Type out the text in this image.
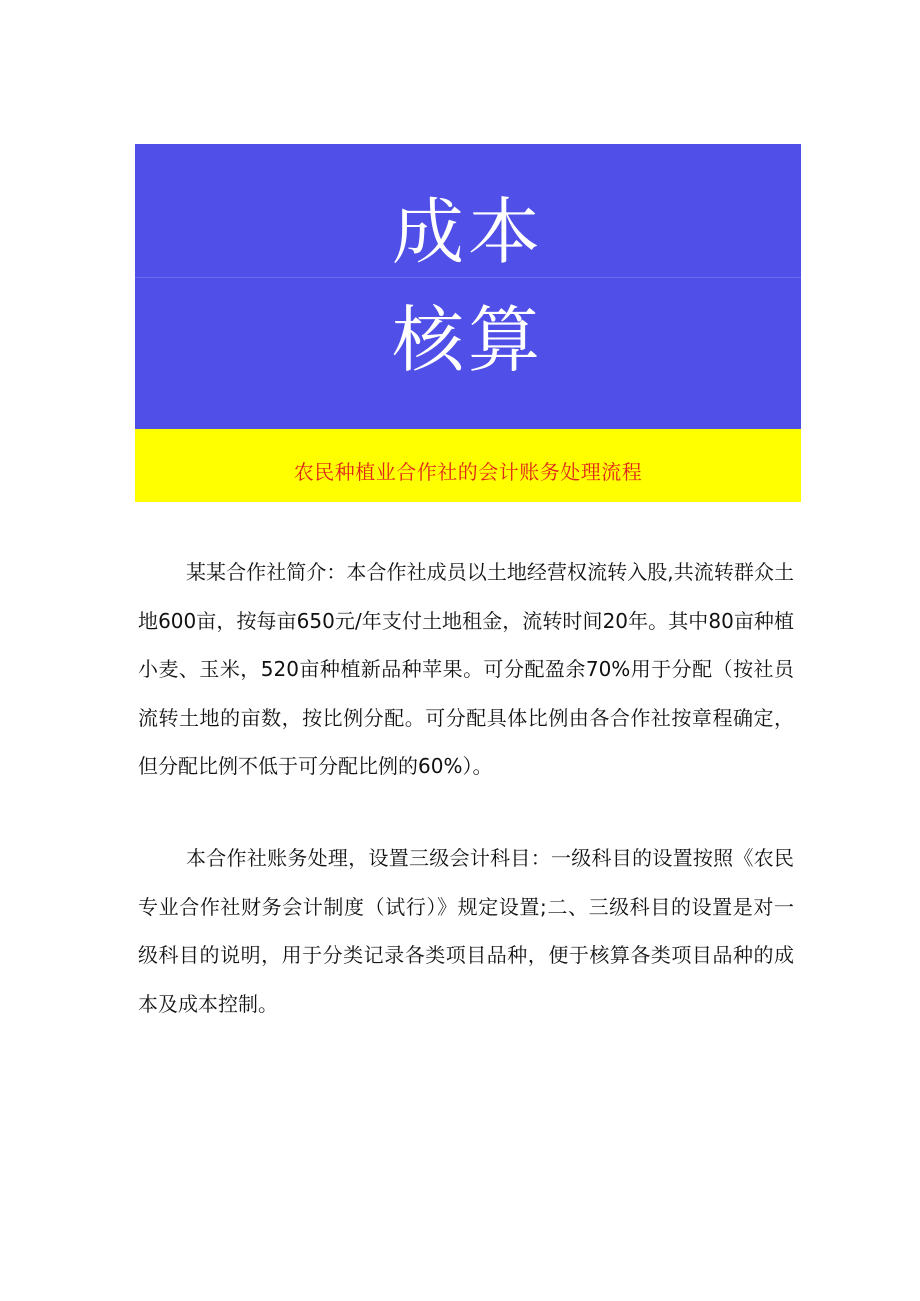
成本
核算
农民种植业合作社的会计账务处理流程

某某合作社简介：本合作社成员以土地经营权流转入股,共流转群众土地600亩，按每亩650元/年支付土地租金，流转时间20年。其中80亩种植小麦、玉米，520亩种植新品种苹果。可分配盈余70%用于分配（按社员流转土地的亩数，按比例分配。可分配具体比例由各合作社按章程确定，但分配比例不低于可分配比例的60%）。

本合作社账务处理，设置三级会计科目：一级科目的设置按照《农民专业合作社财务会计制度（试行）》规定设置;二、三级科目的设置是对一级科目的说明，用于分类记录各类项目品种，便于核算各类项目品种的成本及成本控制。
